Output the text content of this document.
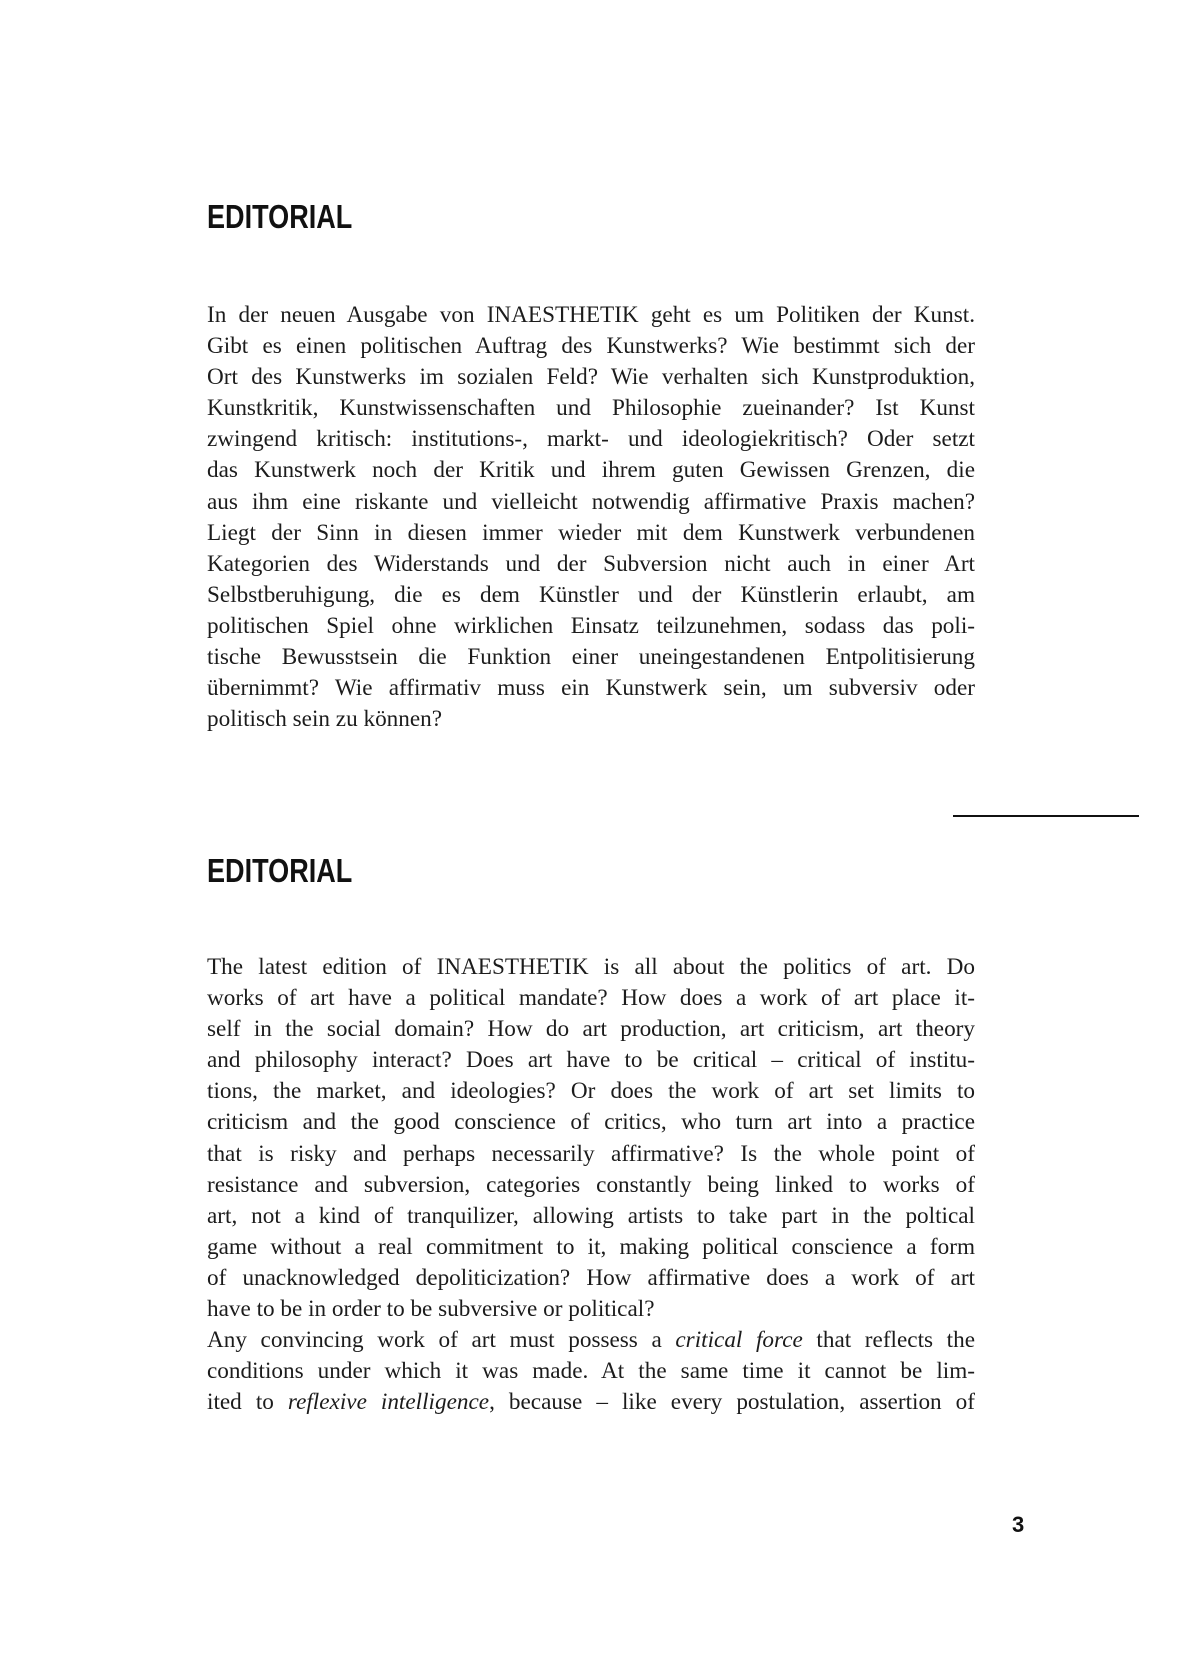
EDITORIAL

In der neuen Ausgabe von INAESTHETIK geht es um Politiken der Kunst.
Gibt es einen politischen Auftrag des Kunstwerks? Wie bestimmt sich der
Ort des Kunstwerks im sozialen Feld? Wie verhalten sich Kunstproduktion,
Kunstkritik, Kunstwissenschaften und Philosophie zueinander? Ist Kunst
zwingend kritisch: institutions-, markt- und ideologiekritisch? Oder setzt
das Kunstwerk noch der Kritik und ihrem guten Gewissen Grenzen, die
aus ihm eine riskante und vielleicht notwendig affirmative Praxis machen?
Liegt der Sinn in diesen immer wieder mit dem Kunstwerk verbundenen
Kategorien des Widerstands und der Subversion nicht auch in einer Art
Selbstberuhigung, die es dem Künstler und der Künstlerin erlaubt, am
politischen Spiel ohne wirklichen Einsatz teilzunehmen, sodass das poli-
tische Bewusstsein die Funktion einer uneingestandenen Entpolitisierung
übernimmt? Wie affirmativ muss ein Kunstwerk sein, um subversiv oder
politisch sein zu können?

EDITORIAL

The latest edition of INAESTHETIK is all about the politics of art. Do
works of art have a political mandate? How does a work of art place it-
self in the social domain? How do art production, art criticism, art theory
and philosophy interact? Does art have to be critical – critical of institu-
tions, the market, and ideologies? Or does the work of art set limits to
criticism and the good conscience of critics, who turn art into a practice
that is risky and perhaps necessarily affirmative? Is the whole point of
resistance and subversion, categories constantly being linked to works of
art, not a kind of tranquilizer, allowing artists to take part in the poltical
game without a real commitment to it, making political conscience a form
of unacknowledged depoliticization? How affirmative does a work of art
have to be in order to be subversive or political?

Any convincing work of art must possess a critical force that reflects the
conditions under which it was made. At the same time it cannot be lim-
ited to reflexive intelligence, because – like every postulation, assertion of

3
